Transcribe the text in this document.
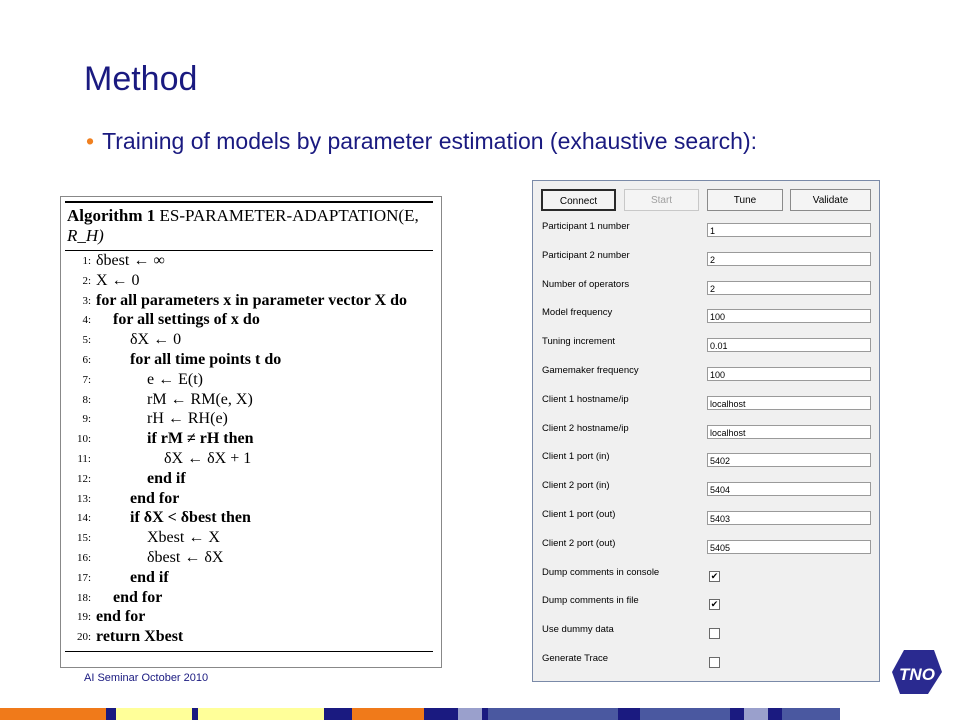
Method
• Training of models by parameter estimation (exhaustive search):
Algorithm 1 ES-PARAMETER-ADAPTATION(E,
R_H)
1: δbest ← ∞
2: X ← 0
3: for all parameters x in parameter vector X do
4: for all settings of x do
5: δX ← 0
6: for all time points t do
7:	e ← E(t)
8:	rM ← RM(e, X)
9:	rH ← RH(e)
10:	if rM ≠ rH then
11:	δX ← δX + 1
12:	end if
13: end for
14: if δX < δbest then
15:	Xbest ← X
16:	δbest ← δX
17: end if
18: end for
19: end for
20: return Xbest
Connect	Start	Tune	Validate
Participant 1 number	1
Participant 2 number	2
Number of operators	2
Model frequency	100
Tuning increment	0.01
Gamemaker frequency	100
Client 1 hostname/ip	localhost
Client 2 hostname/ip	localhost
Client 1 port (in)	5402
Client 2 port (in)	5404
Client 1 port (out)	5403
Client 2 port (out)	5405
Dump comments in console	✔
Dump comments in file	✔
Use dummy data
Generate Trace
AI Seminar October 2010	TNO
